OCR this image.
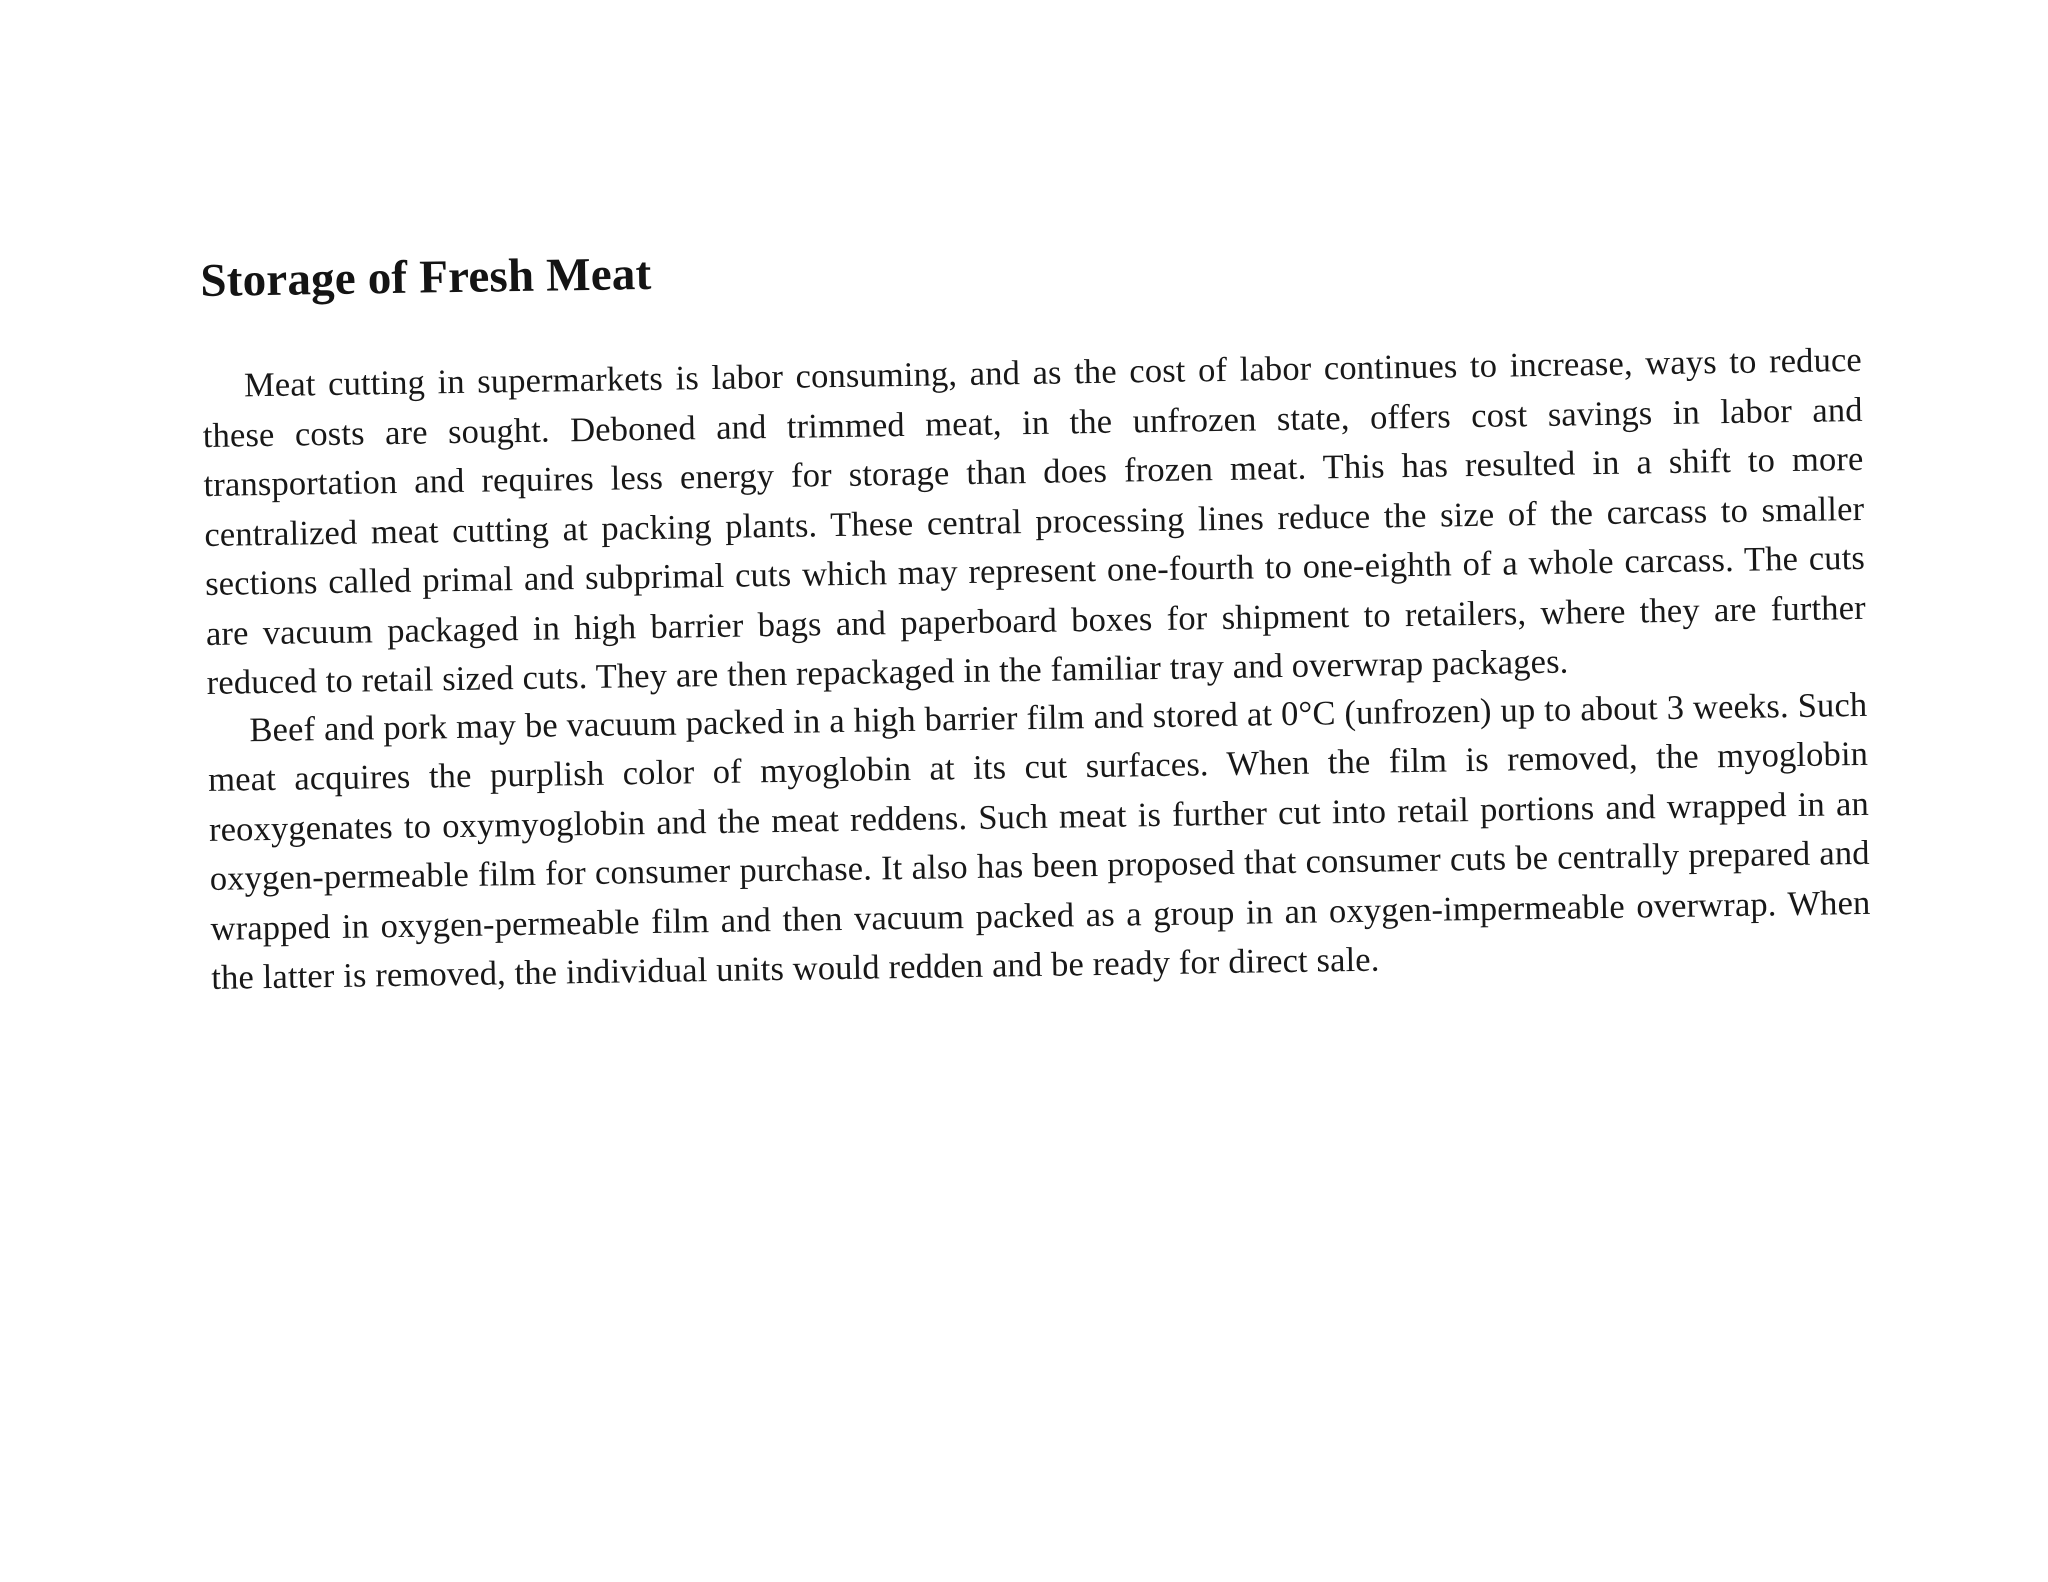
Storage of Fresh Meat

Meat cutting in supermarkets is labor consuming, and as the cost of labor continues to increase, ways to reduce these costs are sought. Deboned and trimmed meat, in the unfrozen state, offers cost savings in labor and transportation and requires less energy for storage than does frozen meat. This has resulted in a shift to more centralized meat cutting at packing plants. These central processing lines reduce the size of the carcass to smaller sections called primal and subprimal cuts which may represent one-fourth to one-eighth of a whole carcass. The cuts are vacuum packaged in high barrier bags and paperboard boxes for shipment to retailers, where they are further reduced to retail sized cuts. They are then repackaged in the familiar tray and overwrap packages.

Beef and pork may be vacuum packed in a high barrier film and stored at 0°C (unfrozen) up to about 3 weeks. Such meat acquires the purplish color of myoglobin at its cut surfaces. When the film is removed, the myoglobin reoxygenates to oxymyoglobin and the meat reddens. Such meat is further cut into retail portions and wrapped in an oxygen-permeable film for consumer purchase. It also has been proposed that consumer cuts be centrally prepared and wrapped in oxygen-permeable film and then vacuum packed as a group in an oxygen-impermeable overwrap. When the latter is removed, the individual units would redden and be ready for direct sale.
